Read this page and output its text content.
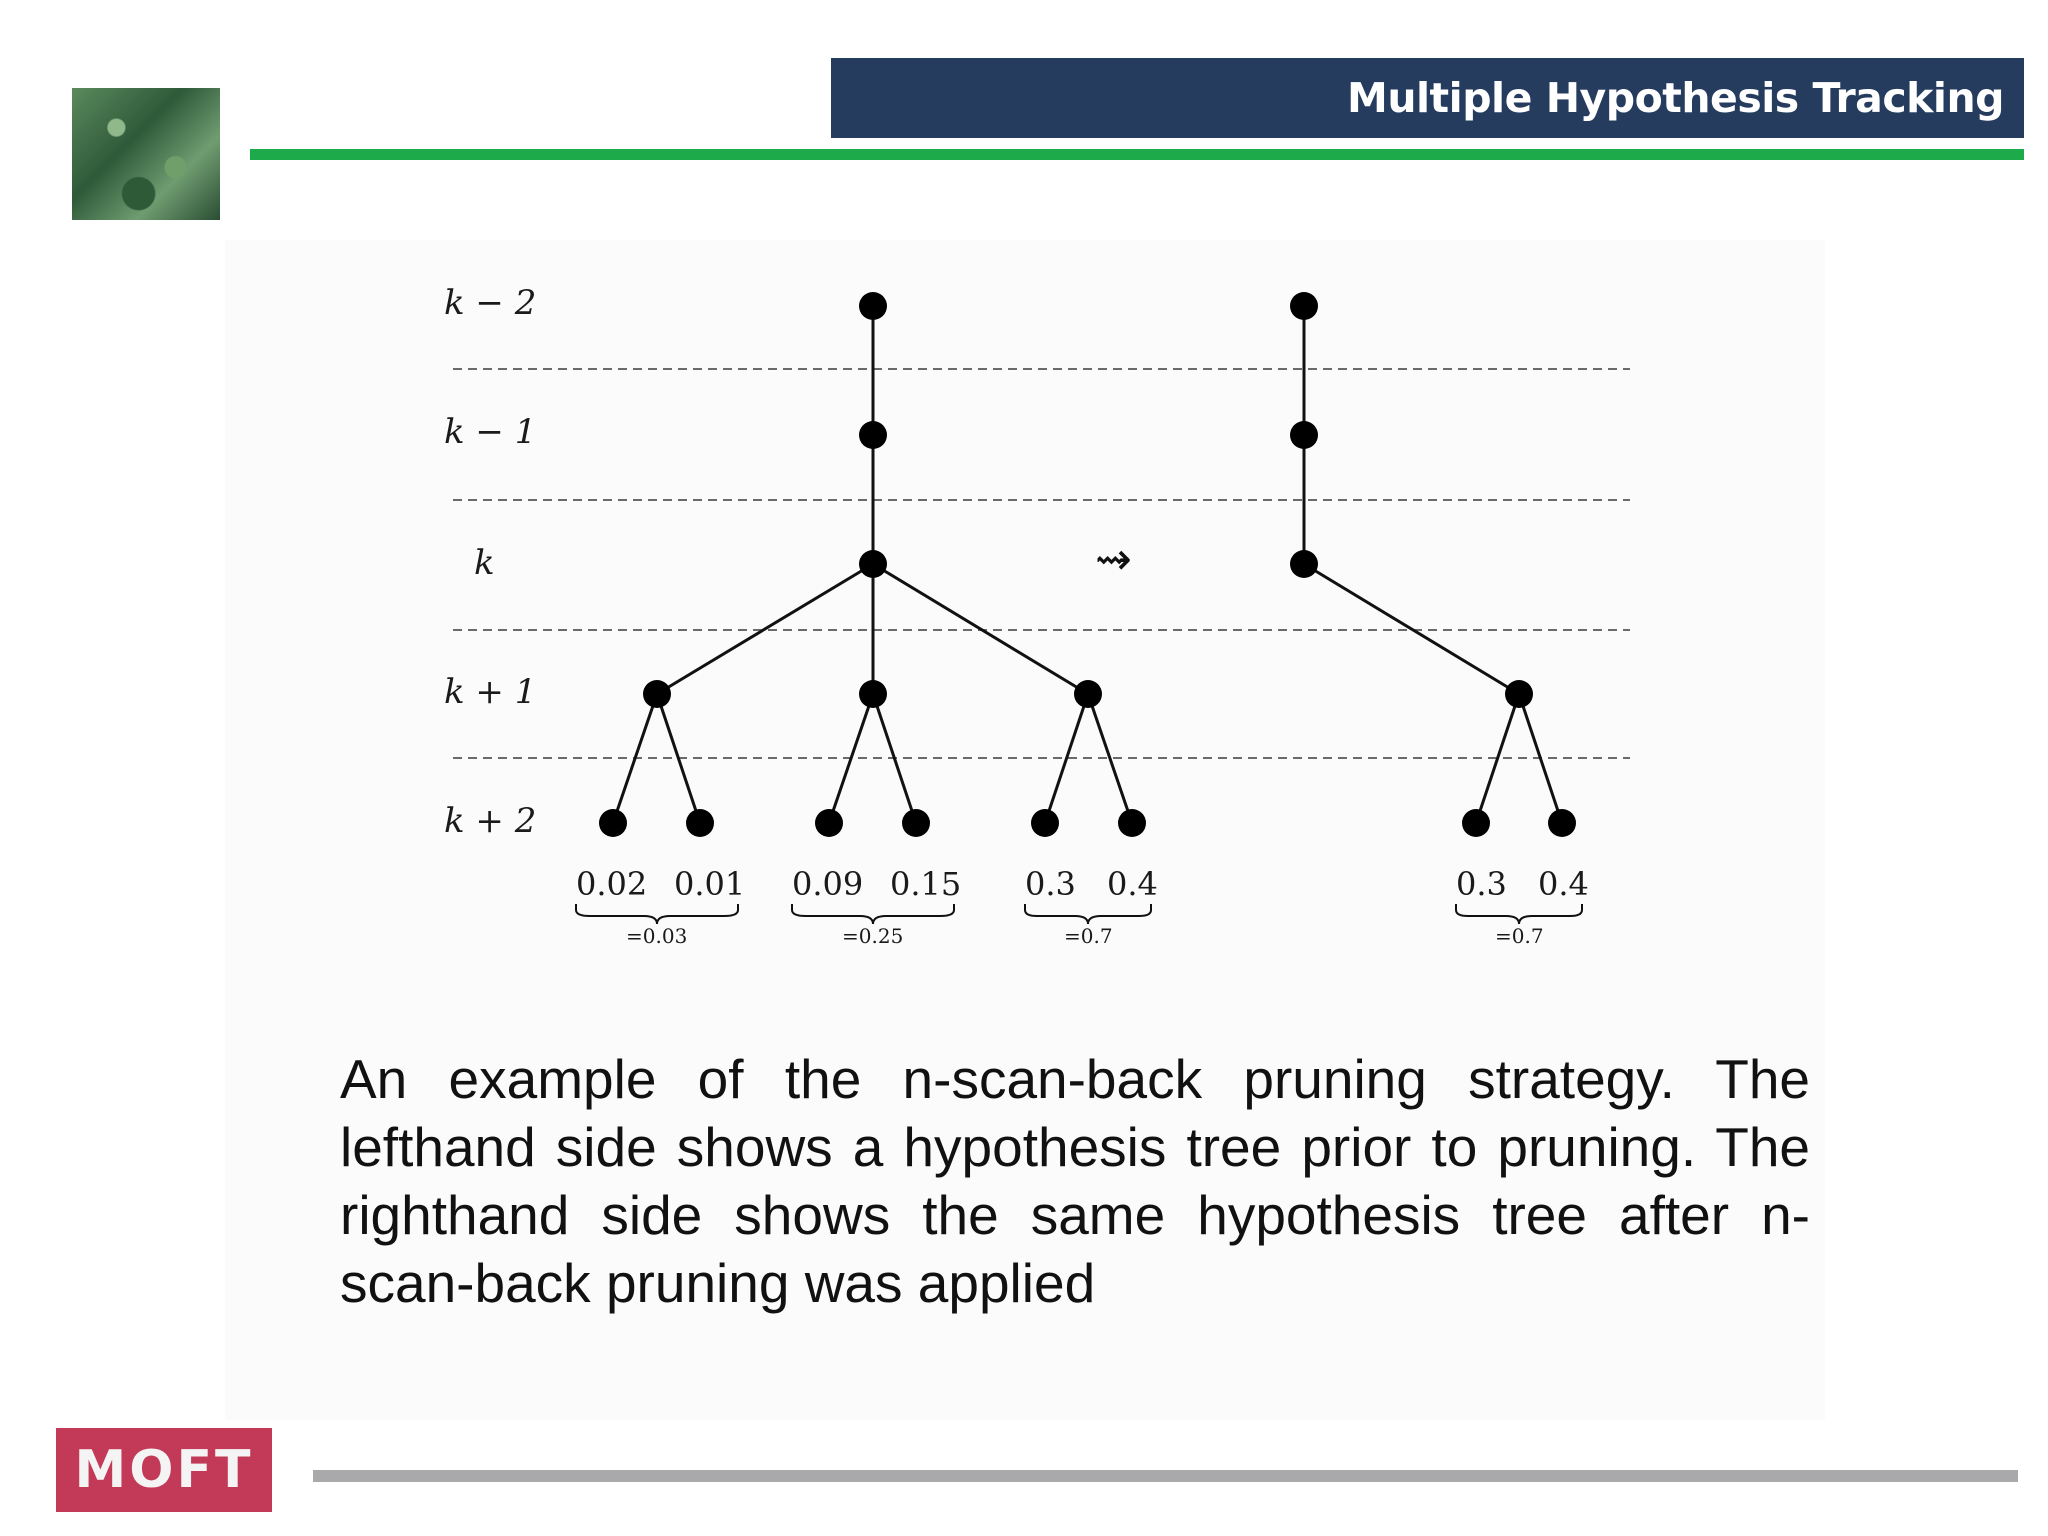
Multiple Hypothesis Tracking
k − 2
k − 1
k
k + 1
k + 2
⇝
0.02 0.01
=0.03
0.09 0.15
=0.25
0.3 0.4
=0.7
0.3 0.4
=0.7

An example of the n-scan-back pruning strategy. The lefthand side shows a hypothesis tree prior to pruning. The righthand side shows the same hypothesis tree after n-scan-back pruning was applied

MOFT
